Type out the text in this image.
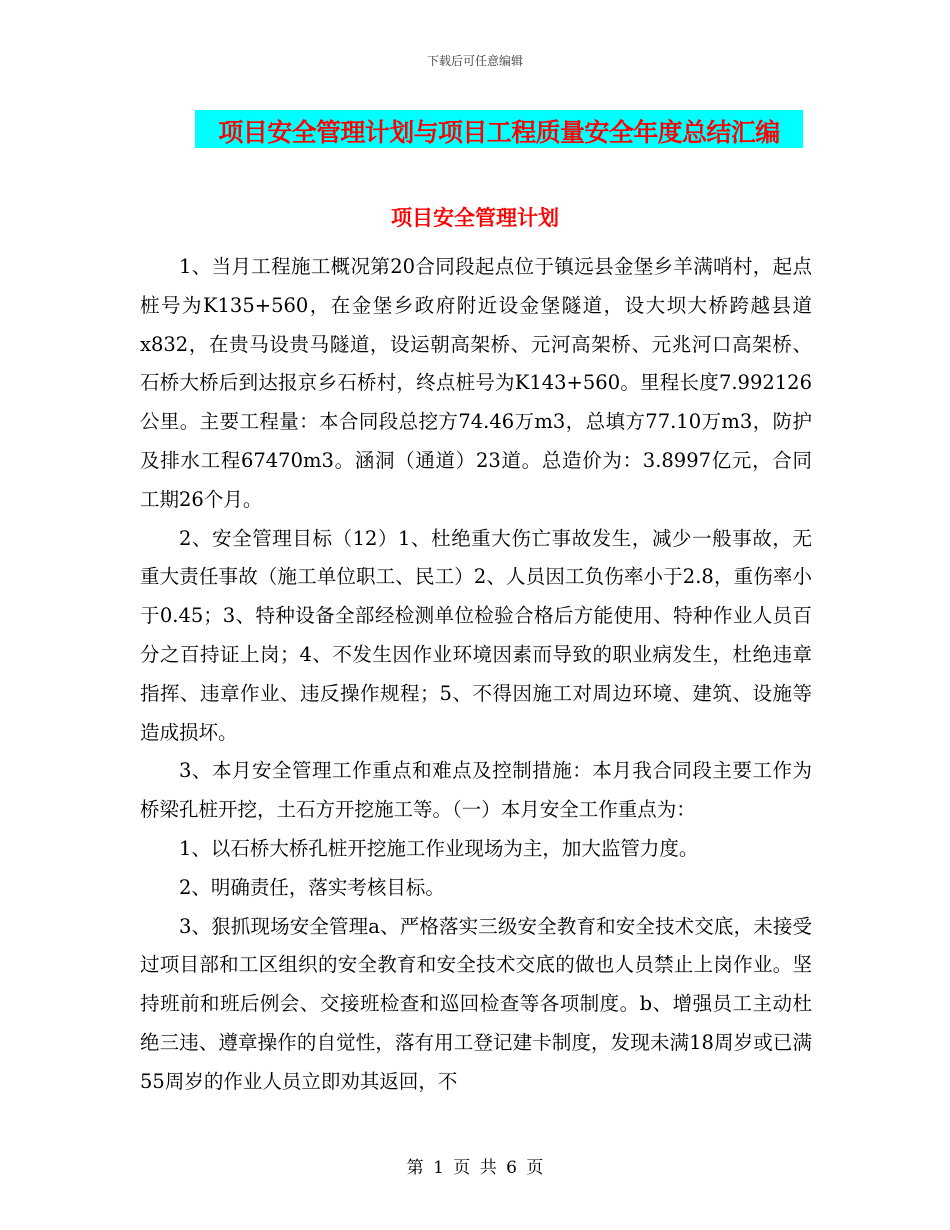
下载后可任意编辑
项目安全管理计划与项目工程质量安全年度总结汇编
项目安全管理计划

1、当月工程施工概况第20合同段起点位于镇远县金堡乡羊满哨村，起点桩号为K135+560，在金堡乡政府附近设金堡隧道，设大坝大桥跨越县道x832，在贵马设贵马隧道，设运朝高架桥、元河高架桥、元兆河口高架桥、石桥大桥后到达报京乡石桥村，终点桩号为K143+560。里程长度7.992126公里。主要工程量：本合同段总挖方74.46万m3，总填方77.10万m3，防护及排水工程67470m3。涵洞（通道）23道。总造价为：3.8997亿元，合同工期26个月。

2、安全管理目标（12）1、杜绝重大伤亡事故发生，减少一般事故，无重大责任事故（施工单位职工、民工）2、人员因工负伤率小于2.8，重伤率小于0.45；3、特种设备全部经检测单位检验合格后方能使用、特种作业人员百分之百持证上岗；4、不发生因作业环境因素而导致的职业病发生，杜绝违章指挥、违章作业、违反操作规程；5、不得因施工对周边环境、建筑、设施等造成损坏。

3、本月安全管理工作重点和难点及控制措施：本月我合同段主要工作为桥梁孔桩开挖，土石方开挖施工等。（一）本月安全工作重点为：

1、以石桥大桥孔桩开挖施工作业现场为主，加大监管力度。

2、明确责任，落实考核目标。

3、狠抓现场安全管理a、严格落实三级安全教育和安全技术交底，未接受过项目部和工区组织的安全教育和安全技术交底的做也人员禁止上岗作业。坚持班前和班后例会、交接班检查和巡回检查等各项制度。b、增强员工主动杜绝三违、遵章操作的自觉性，落有用工登记建卡制度，发现未满18周岁或已满55周岁的作业人员立即劝其返回，不

第 1 页 共 6 页
